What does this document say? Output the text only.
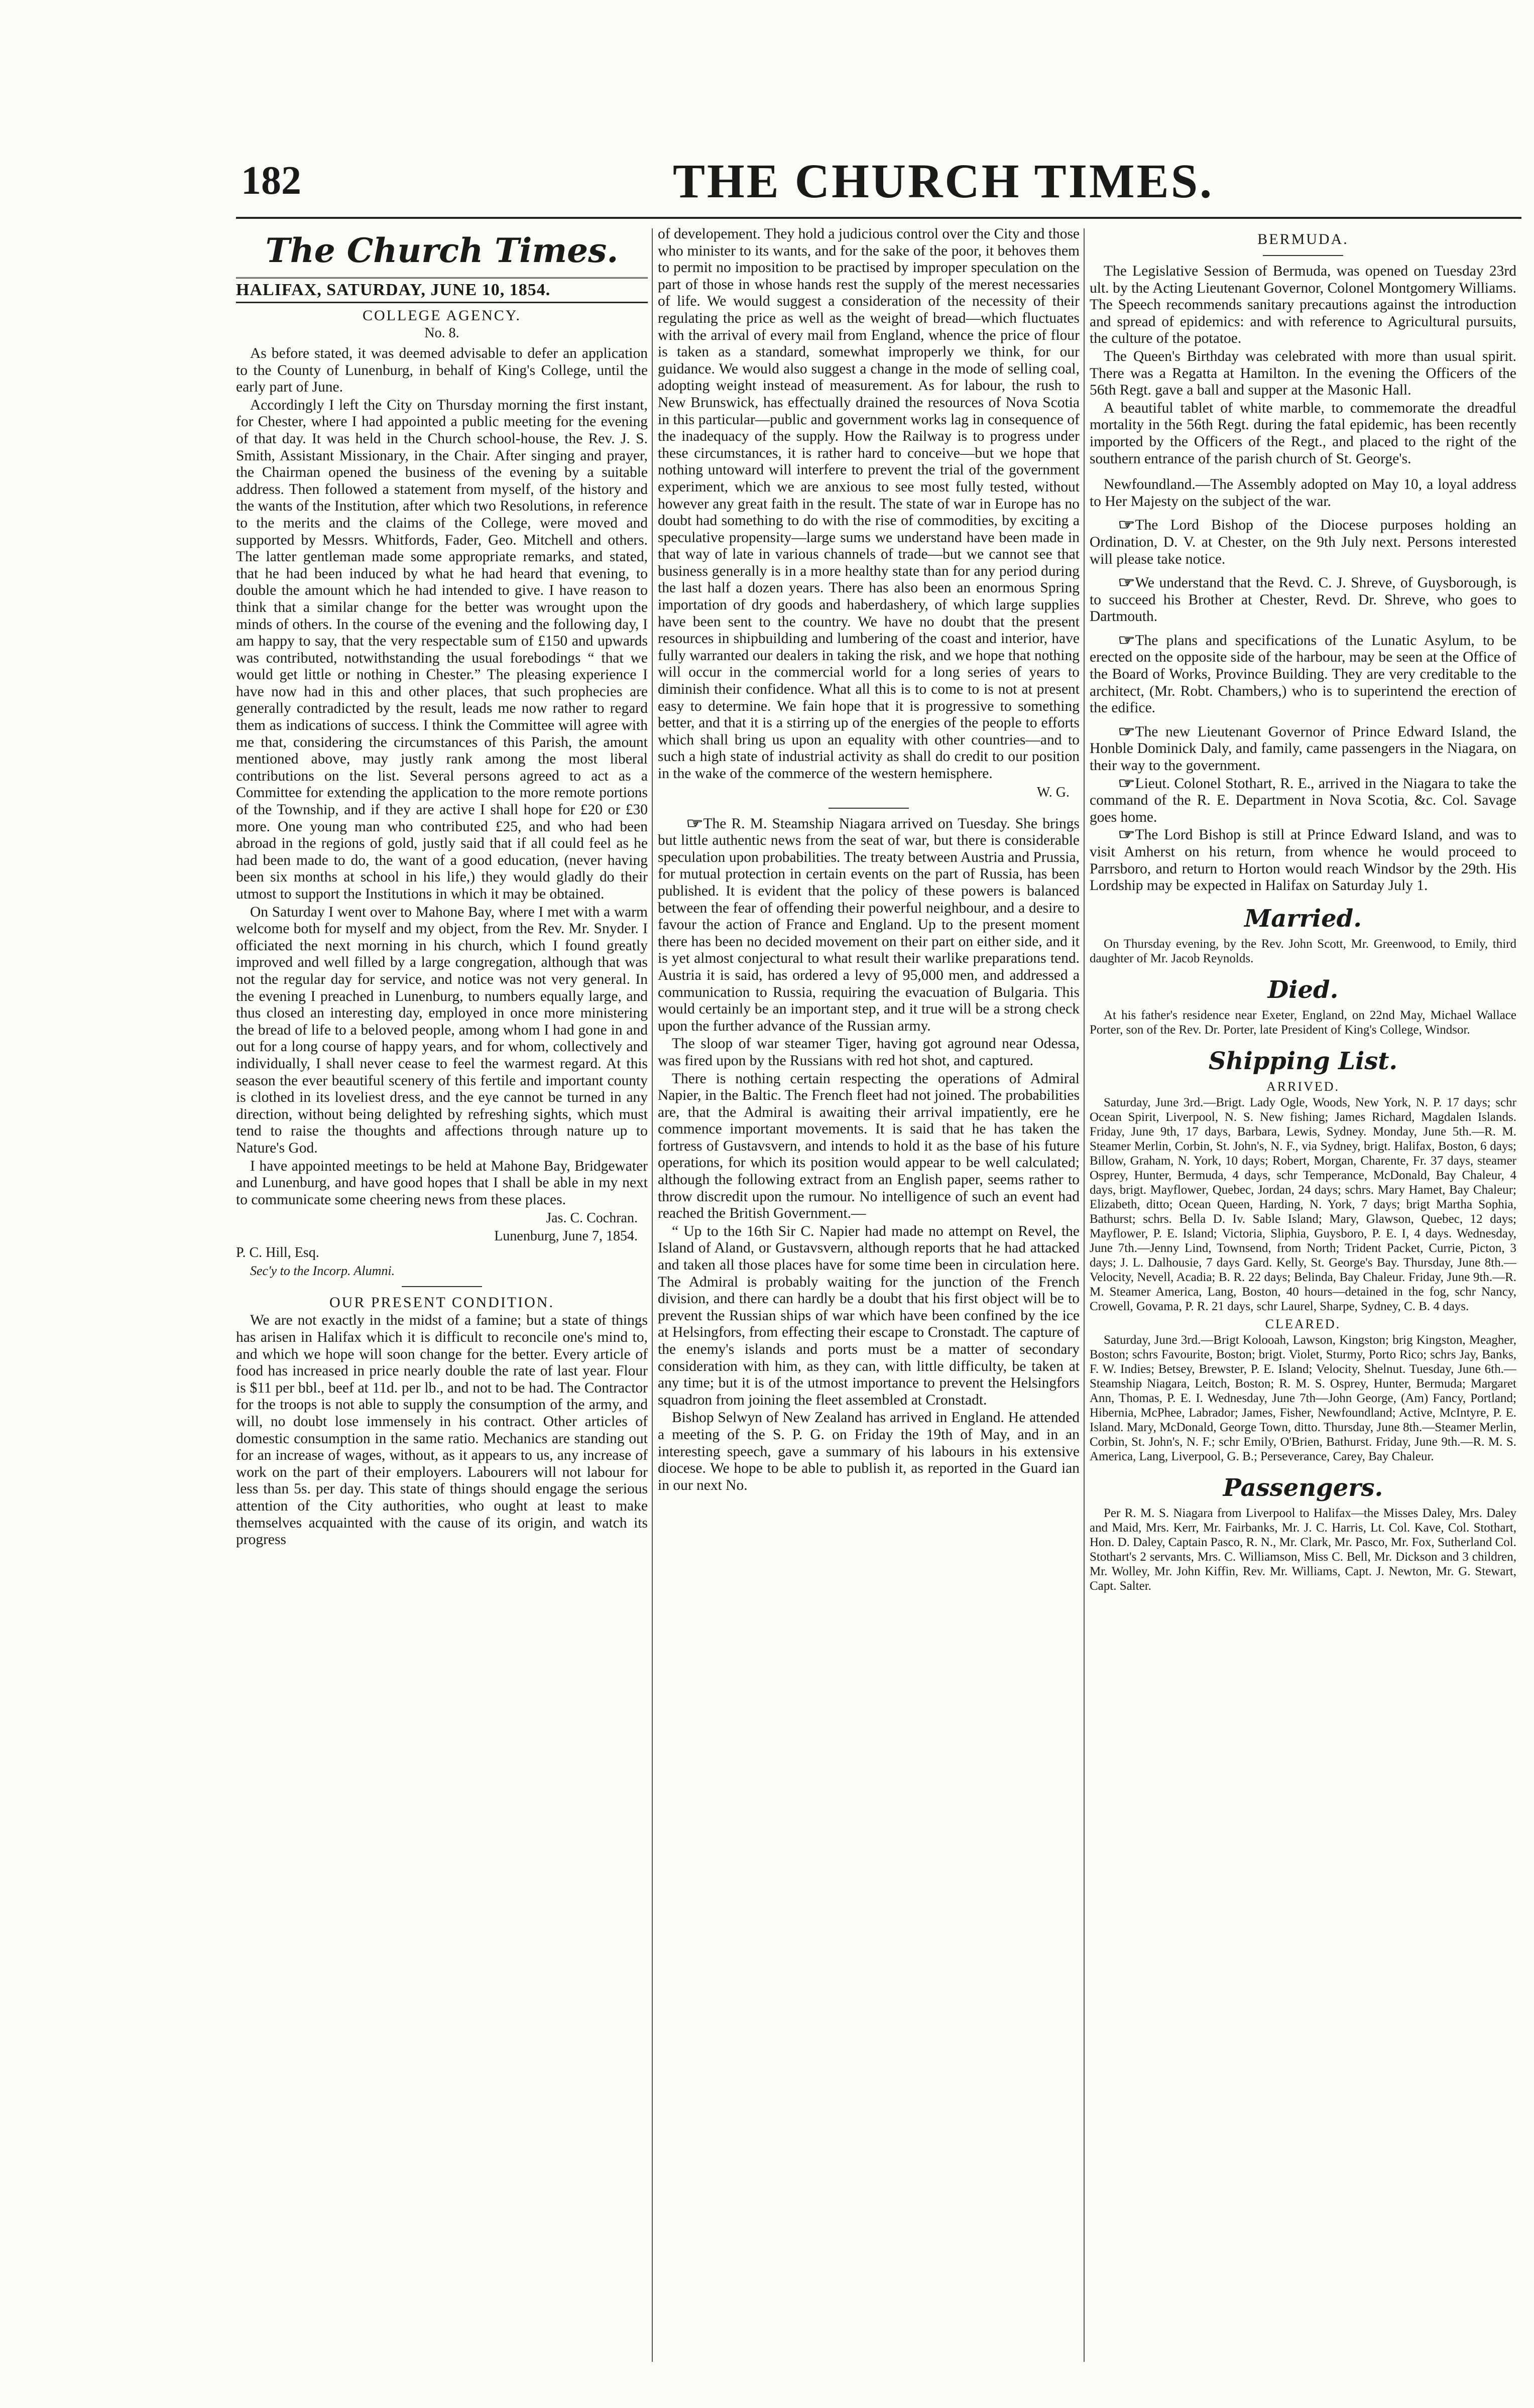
182	THE CHURCH TIMES.
The Church Times.
HALIFAX, SATURDAY, JUNE 10, 1854.
COLLEGE AGENCY.
No. 8.

As before stated, it was deemed advisable to defer an application to the County of Lunenburg, in behalf of King's College, until the early part of June.

Accordingly I left the City on Thursday morning the first instant, for Chester, where I had appointed a public meeting for the evening of that day. It was held in the Church school-house, the Rev. J. S. Smith, Assistant Missionary, in the Chair. After singing and prayer, the Chairman opened the business of the evening by a suitable address. Then followed a statement from myself, of the history and the wants of the Institution, after which two Resolutions, in reference to the merits and the claims of the College, were moved and supported by Messrs. Whitfords, Fader, Geo. Mitchell and others. The latter gentleman made some appropriate remarks, and stated, that he had been induced by what he had heard that evening, to double the amount which he had intended to give. I have reason to think that a similar change for the better was wrought upon the minds of others. In the course of the evening and the following day, I am happy to say, that the very respectable sum of £150 and upwards was contributed, notwithstanding the usual forebodings “ that we would get little or nothing in Chester.” The pleasing experience I have now had in this and other places, that such prophecies are generally contradicted by the result, leads me now rather to regard them as indications of success. I think the Committee will agree with me that, considering the circumstances of this Parish, the amount mentioned above, may justly rank among the most liberal contributions on the list. Several persons agreed to act as a Committee for extending the application to the more remote portions of the Township, and if they are active I shall hope for £20 or £30 more. One young man who contributed £25, and who had been abroad in the regions of gold, justly said that if all could feel as he had been made to do, the want of a good education, (never having been six months at school in his life,) they would gladly do their utmost to support the Institutions in which it may be obtained.

On Saturday I went over to Mahone Bay, where I met with a warm welcome both for myself and my object, from the Rev. Mr. Snyder. I officiated the next morning in his church, which I found greatly improved and well filled by a large congregation, although that was not the regular day for service, and notice was not very general. In the evening I preached in Lunenburg, to numbers equally large, and thus closed an interesting day, employed in once more ministering the bread of life to a beloved people, among whom I had gone in and out for a long course of happy years, and for whom, collectively and individually, I shall never cease to feel the warmest regard. At this season the ever beautiful scenery of this fertile and important county is clothed in its loveliest dress, and the eye cannot be turned in any direction, without being delighted by refreshing sights, which must tend to raise the thoughts and affections through nature up to Nature's God.

I have appointed meetings to be held at Mahone Bay, Bridgewater and Lunenburg, and have good hopes that I shall be able in my next to communicate some cheering news from these places.

Jas. C. Cochran.
Lunenburg, June 7, 1854.

P. C. Hill, Esq.

Sec'y to the Incorp. Alumni.

OUR PRESENT CONDITION.

We are not exactly in the midst of a famine; but a state of things has arisen in Halifax which it is difficult to reconcile one's mind to, and which we hope will soon change for the better. Every article of food has increased in price nearly double the rate of last year. Flour is $11 per bbl., beef at 11d. per lb., and not to be had. The Contractor for the troops is not able to supply the consumption of the army, and will, no doubt lose immensely in his contract. Other articles of domestic consumption in the same ratio. Mechanics are standing out for an increase of wages, without, as it appears to us, any increase of work on the part of their employers. Labourers will not labour for less than 5s. per day. This state of things should engage the serious attention of the City authorities, who ought at least to make themselves acquainted with the cause of its origin, and watch its progress

of developement. They hold a judicious control over the City and those who minister to its wants, and for the sake of the poor, it behoves them to permit no imposition to be practised by improper speculation on the part of those in whose hands rest the supply of the merest necessaries of life. We would suggest a consideration of the necessity of their regulating the price as well as the weight of bread—which fluctuates with the arrival of every mail from England, whence the price of flour is taken as a standard, somewhat improperly we think, for our guidance. We would also suggest a change in the mode of selling coal, adopting weight instead of measurement. As for labour, the rush to New Brunswick, has effectually drained the resources of Nova Scotia in this particular—public and government works lag in consequence of the inadequacy of the supply. How the Railway is to progress under these circumstances, it is rather hard to conceive—but we hope that nothing untoward will interfere to prevent the trial of the government experiment, which we are anxious to see most fully tested, without however any great faith in the result. The state of war in Europe has no doubt had something to do with the rise of commodities, by exciting a speculative propensity—large sums we understand have been made in that way of late in various channels of trade—but we cannot see that business generally is in a more healthy state than for any period during the last half a dozen years. There has also been an enormous Spring importation of dry goods and haberdashery, of which large supplies have been sent to the country. We have no doubt that the present resources in shipbuilding and lumbering of the coast and interior, have fully warranted our dealers in taking the risk, and we hope that nothing will occur in the commercial world for a long series of years to diminish their confidence. What all this is to come to is not at present easy to determine. We fain hope that it is progressive to something better, and that it is a stirring up of the energies of the people to efforts which shall bring us upon an equality with other countries—and to such a high state of industrial activity as shall do credit to our position in the wake of the commerce of the western hemisphere.

W. G.

☞The R. M. Steamship Niagara arrived on Tuesday. She brings but little authentic news from the seat of war, but there is considerable speculation upon probabilities. The treaty between Austria and Prussia, for mutual protection in certain events on the part of Russia, has been published. It is evident that the policy of these powers is balanced between the fear of offending their powerful neighbour, and a desire to favour the action of France and England. Up to the present moment there has been no decided movement on their part on either side, and it is yet almost conjectural to what result their warlike preparations tend. Austria it is said, has ordered a levy of 95,000 men, and addressed a communication to Russia, requiring the evacuation of Bulgaria. This would certainly be an important step, and it true will be a strong check upon the further advance of the Russian army.

The sloop of war steamer Tiger, having got aground near Odessa, was fired upon by the Russians with red hot shot, and captured.

There is nothing certain respecting the operations of Admiral Napier, in the Baltic. The French fleet had not joined. The probabilities are, that the Admiral is awaiting their arrival impatiently, ere he commence important movements. It is said that he has taken the fortress of Gustavsvern, and intends to hold it as the base of his future operations, for which its position would appear to be well calculated; although the following extract from an English paper, seems rather to throw discredit upon the rumour. No intelligence of such an event had reached the British Government.—

“ Up to the 16th Sir C. Napier had made no attempt on Revel, the Island of Aland, or Gustavsvern, although reports that he had attacked and taken all those places have for some time been in circulation here. The Admiral is probably waiting for the junction of the French division, and there can hardly be a doubt that his first object will be to prevent the Russian ships of war which have been confined by the ice at Helsingfors, from effecting their escape to Cronstadt. The capture of the enemy's islands and ports must be a matter of secondary consideration with him, as they can, with little difficulty, be taken at any time; but it is of the utmost importance to prevent the Helsingfors squadron from joining the fleet assembled at Cronstadt.

Bishop Selwyn of New Zealand has arrived in England. He attended a meeting of the S. P. G. on Friday the 19th of May, and in an interesting speech, gave a summary of his labours in his extensive diocese. We hope to be able to publish it, as reported in the Guard ian in our next No.

BERMUDA.

The Legislative Session of Bermuda, was opened on Tuesday 23rd ult. by the Acting Lieutenant Governor, Colonel Montgomery Williams. The Speech recommends sanitary precautions against the introduction and spread of epidemics: and with reference to Agricultural pursuits, the culture of the potatoe.

The Queen's Birthday was celebrated with more than usual spirit. There was a Regatta at Hamilton. In the evening the Officers of the 56th Regt. gave a ball and supper at the Masonic Hall.

A beautiful tablet of white marble, to commemorate the dreadful mortality in the 56th Regt. during the fatal epidemic, has been recently imported by the Officers of the Regt., and placed to the right of the southern entrance of the parish church of St. George's.

Newfoundland.—The Assembly adopted on May 10, a loyal address to Her Majesty on the subject of the war.

☞The Lord Bishop of the Diocese purposes holding an Ordination, D. V. at Chester, on the 9th July next. Persons interested will please take notice.

☞We understand that the Revd. C. J. Shreve, of Guysborough, is to succeed his Brother at Chester, Revd. Dr. Shreve, who goes to Dartmouth.

☞The plans and specifications of the Lunatic Asylum, to be erected on the opposite side of the harbour, may be seen at the Office of the Board of Works, Province Building. They are very creditable to the architect, (Mr. Robt. Chambers,) who is to superintend the erection of the edifice.

☞The new Lieutenant Governor of Prince Edward Island, the Honble Dominick Daly, and family, came passengers in the Niagara, on their way to the government.

☞Lieut. Colonel Stothart, R. E., arrived in the Niagara to take the command of the R. E. Department in Nova Scotia, &c. Col. Savage goes home.

☞The Lord Bishop is still at Prince Edward Island, and was to visit Amherst on his return, from whence he would proceed to Parrsboro, and return to Horton would reach Windsor by the 29th. His Lordship may be expected in Halifax on Saturday July 1.

Married.

On Thursday evening, by the Rev. John Scott, Mr. Greenwood, to Emily, third daughter of Mr. Jacob Reynolds.

Died.

At his father's residence near Exeter, England, on 22nd May, Michael Wallace Porter, son of the Rev. Dr. Porter, late President of King's College, Windsor.

Shipping List.
ARRIVED.

Saturday, June 3rd.—Brigt. Lady Ogle, Woods, New York, N. P. 17 days; schr Ocean Spirit, Liverpool, N. S. New fishing; James Richard, Magdalen Islands. Friday, June 9th, 17 days, Barbara, Lewis, Sydney. Monday, June 5th.—R. M. Steamer Merlin, Corbin, St. John's, N. F., via Sydney, brigt. Halifax, Boston, 6 days; Billow, Graham, N. York, 10 days; Robert, Morgan, Charente, Fr. 37 days, steamer Osprey, Hunter, Bermuda, 4 days, schr Temperance, McDonald, Bay Chaleur, 4 days, brigt. Mayflower, Quebec, Jordan, 24 days; schrs. Mary Hamet, Bay Chaleur; Elizabeth, ditto; Ocean Queen, Harding, N. York, 7 days; brigt Martha Sophia, Bathurst; schrs. Bella D. Iv. Sable Island; Mary, Glawson, Quebec, 12 days; Mayflower, P. E. Island; Victoria, Sliphia, Guysboro, P. E. I, 4 days. Wednesday, June 7th.—Jenny Lind, Townsend, from North; Trident Packet, Currie, Picton, 3 days; J. L. Dalhousie, 7 days Gard. Kelly, St. George's Bay. Thursday, June 8th.—Velocity, Nevell, Acadia; B. R. 22 days; Belinda, Bay Chaleur. Friday, June 9th.—R. M. Steamer America, Lang, Boston, 40 hours—detained in the fog, schr Nancy, Crowell, Govama, P. R. 21 days, schr Laurel, Sharpe, Sydney, C. B. 4 days.

CLEARED.

Saturday, June 3rd.—Brigt Kolooah, Lawson, Kingston; brig Kingston, Meagher, Boston; schrs Favourite, Boston; brigt. Violet, Sturmy, Porto Rico; schrs Jay, Banks, F. W. Indies; Betsey, Brewster, P. E. Island; Velocity, Shelnut. Tuesday, June 6th.—Steamship Niagara, Leitch, Boston; R. M. S. Osprey, Hunter, Bermuda; Margaret Ann, Thomas, P. E. I. Wednesday, June 7th—John George, (Am) Fancy, Portland; Hibernia, McPhee, Labrador; James, Fisher, Newfoundland; Active, McIntyre, P. E. Island. Mary, McDonald, George Town, ditto. Thursday, June 8th.—Steamer Merlin, Corbin, St. John's, N. F.; schr Emily, O'Brien, Bathurst. Friday, June 9th.—R. M. S. America, Lang, Liverpool, G. B.; Perseverance, Carey, Bay Chaleur.

Passengers.

Per R. M. S. Niagara from Liverpool to Halifax—the Misses Daley, Mrs. Daley and Maid, Mrs. Kerr, Mr. Fairbanks, Mr. J. C. Harris, Lt. Col. Kave, Col. Stothart, Hon. D. Daley, Captain Pasco, R. N., Mr. Clark, Mr. Pasco, Mr. Fox, Sutherland Col. Stothart's 2 servants, Mrs. C. Williamson, Miss C. Bell, Mr. Dickson and 3 children, Mr. Wolley, Mr. John Kiffin, Rev. Mr. Williams, Capt. J. Newton, Mr. G. Stewart, Capt. Salter.
